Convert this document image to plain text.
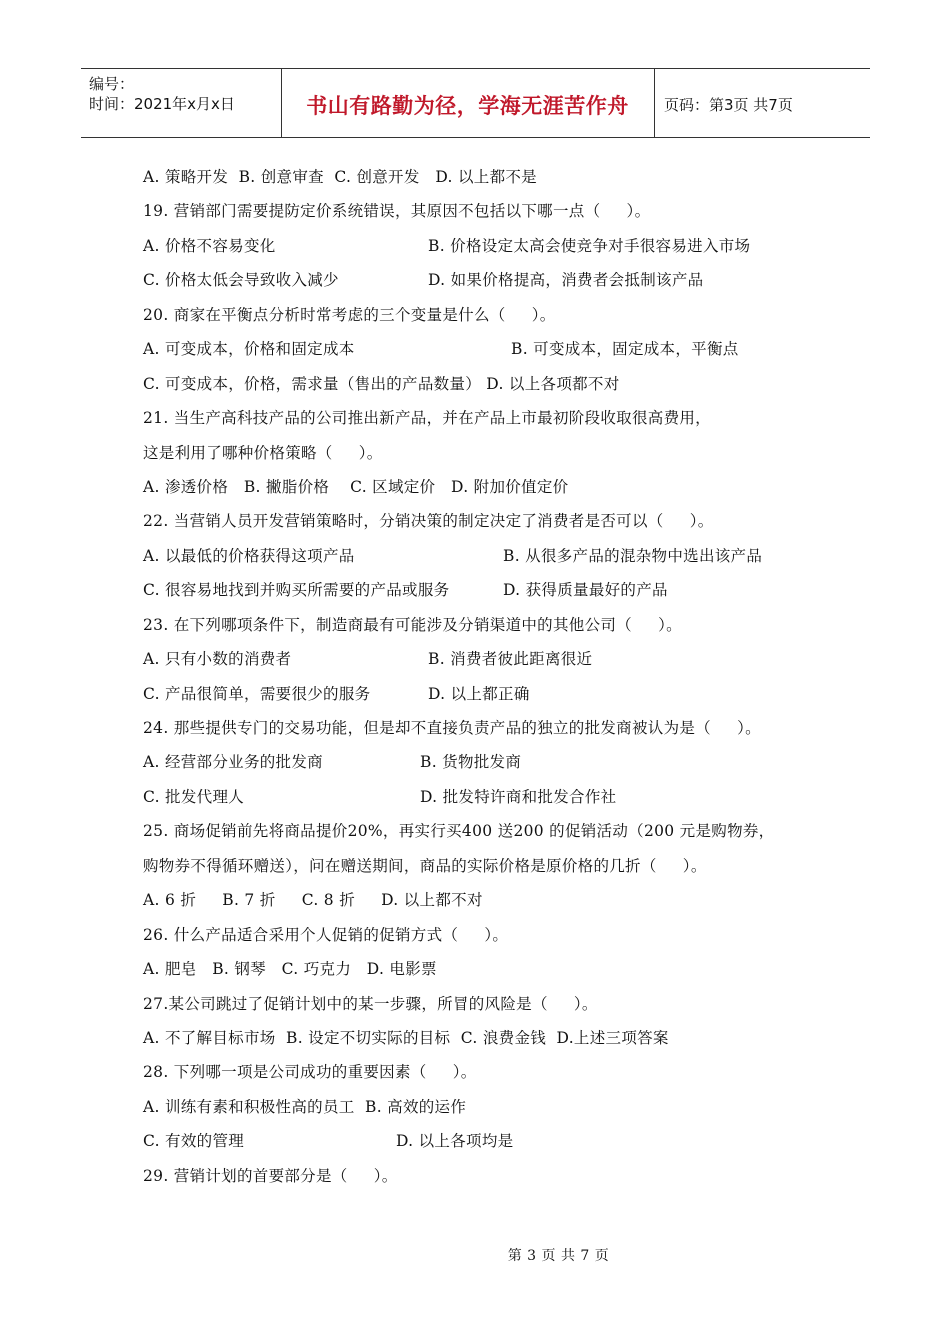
编号：
时间：2021年x月x日	书山有路勤为径，学海无涯苦作舟 页码：第3页 共7页
A. 策略开发  B. 创意审查  C. 创意开发   D. 以上都不是
19. 营销部门需要提防定价系统错误，其原因不包括以下哪一点（     ）。
A. 价格不容易变化	B. 价格设定太高会使竞争对手很容易进入市场
C. 价格太低会导致收入减少	D. 如果价格提高，消费者会抵制该产品
20. 商家在平衡点分析时常考虑的三个变量是什么（     ）。
A. 可变成本，价格和固定成本	B. 可变成本，固定成本，平衡点
C. 可变成本，价格，需求量（售出的产品数量） D. 以上各项都不对
21. 当生产高科技产品的公司推出新产品，并在产品上市最初阶段收取很高费用，
这是利用了哪种价格策略（     ）。
A. 渗透价格   B. 撇脂价格    C. 区域定价   D. 附加价值定价
22. 当营销人员开发营销策略时，分销决策的制定决定了消费者是否可以（     ）。
A. 以最低的价格获得这项产品	B. 从很多产品的混杂物中选出该产品
C. 很容易地找到并购买所需要的产品或服务	D. 获得质量最好的产品
23. 在下列哪项条件下，制造商最有可能涉及分销渠道中的其他公司（     ）。
A. 只有小数的消费者	B. 消费者彼此距离很近
C. 产品很简单，需要很少的服务	D. 以上都正确
24. 那些提供专门的交易功能，但是却不直接负责产品的独立的批发商被认为是（     ）。
A. 经营部分业务的批发商	B. 货物批发商
C. 批发代理人	D. 批发特许商和批发合作社
25. 商场促销前先将商品提价20%，再实行买400 送200 的促销活动（200 元是购物券，
购物券不得循环赠送），问在赠送期间，商品的实际价格是原价格的几折（     ）。
A. 6 折     B. 7 折     C. 8 折     D. 以上都不对
26. 什么产品适合采用个人促销的促销方式（     ）。
A. 肥皂   B. 钢琴   C. 巧克力   D. 电影票
27.某公司跳过了促销计划中的某一步骤，所冒的风险是（     ）。
A. 不了解目标市场  B. 设定不切实际的目标  C. 浪费金钱  D.上述三项答案
28. 下列哪一项是公司成功的重要因素（     ）。
A. 训练有素和积极性高的员工  B. 高效的运作
C. 有效的管理	D. 以上各项均是
29. 营销计划的首要部分是（     ）。
第 3 页 共 7 页
